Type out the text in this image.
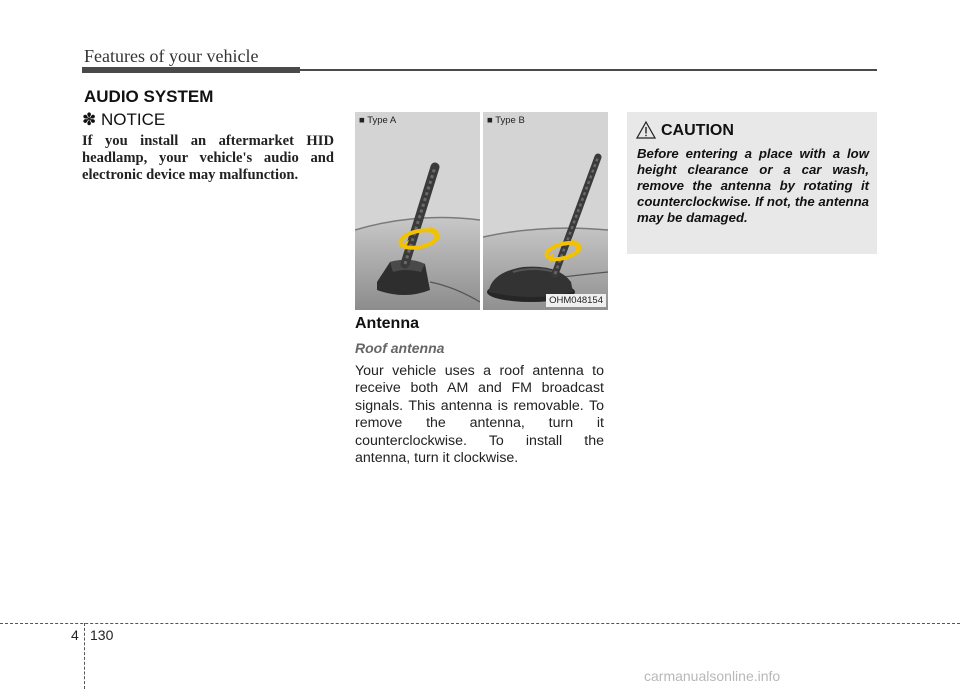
Features of your vehicle
AUDIO SYSTEM
✽ NOTICE
If you install an aftermarket HID headlamp, your vehicle's audio and electronic device may malfunction.
■ Type A	■ Type B
OHM048154
Antenna
Roof antenna
Your vehicle uses a roof antenna to receive both AM and FM broadcast signals. This antenna is removable. To remove the antenna, turn it counterclockwise. To install the antenna, turn it clockwise.
CAUTION
Before entering a place with a low height clearance or a car wash, remove the antenna by rotating it counterclockwise. If not, the antenna may be damaged.
4 130
carmanualsonline.info
